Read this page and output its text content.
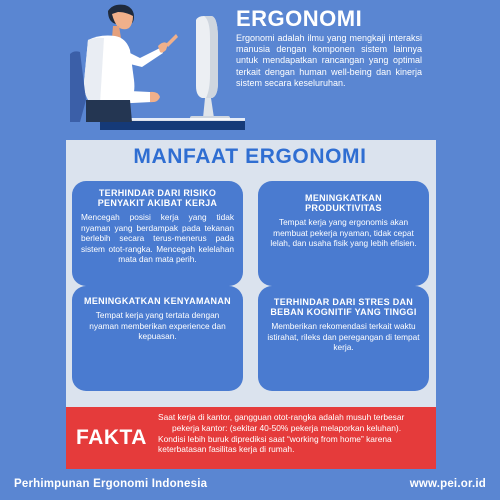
ERGONOMI

Ergonomi adalah ilmu yang mengkaji interaksi manusia dengan komponen sistem lainnya untuk mendapatkan rancangan yang optimal terkait dengan human well-being dan kinerja sistem secara keseluruhan.

MANFAAT ERGONOMI
TERHINDAR DARI RISIKO PENYAKIT AKIBAT KERJA
Mencegah posisi kerja yang tidak nyaman yang berdampak pada tekanan berlebih secara terus-menerus pada sistem otot-rangka. Mencegah kelelahan mata dan mata perih.
MENINGKATKAN PRODUKTIVITAS
Tempat kerja yang ergonomis akan membuat pekerja nyaman, tidak cepat lelah, dan usaha fisik yang lebih efisien.
MENINGKATKAN KENYAMANAN
Tempat kerja yang tertata dengan nyaman memberikan experience dan kepuasan.
TERHINDAR DARI STRES DAN BEBAN KOGNITIF YANG TINGGI
Memberikan rekomendasi terkait waktu istirahat, rileks dan peregangan di tempat kerja.
FAKTA

Saat kerja di kantor, gangguan otot-rangka adalah musuh terbesar pekerja kantor: (sekitar 40-50% pekerja melaporkan keluhan).

Kondisi lebih buruk diprediksi saat “working from home” karena keterbatasan fasilitas kerja di rumah.

Perhimpunan Ergonomi Indonesia	www.pei.or.id
